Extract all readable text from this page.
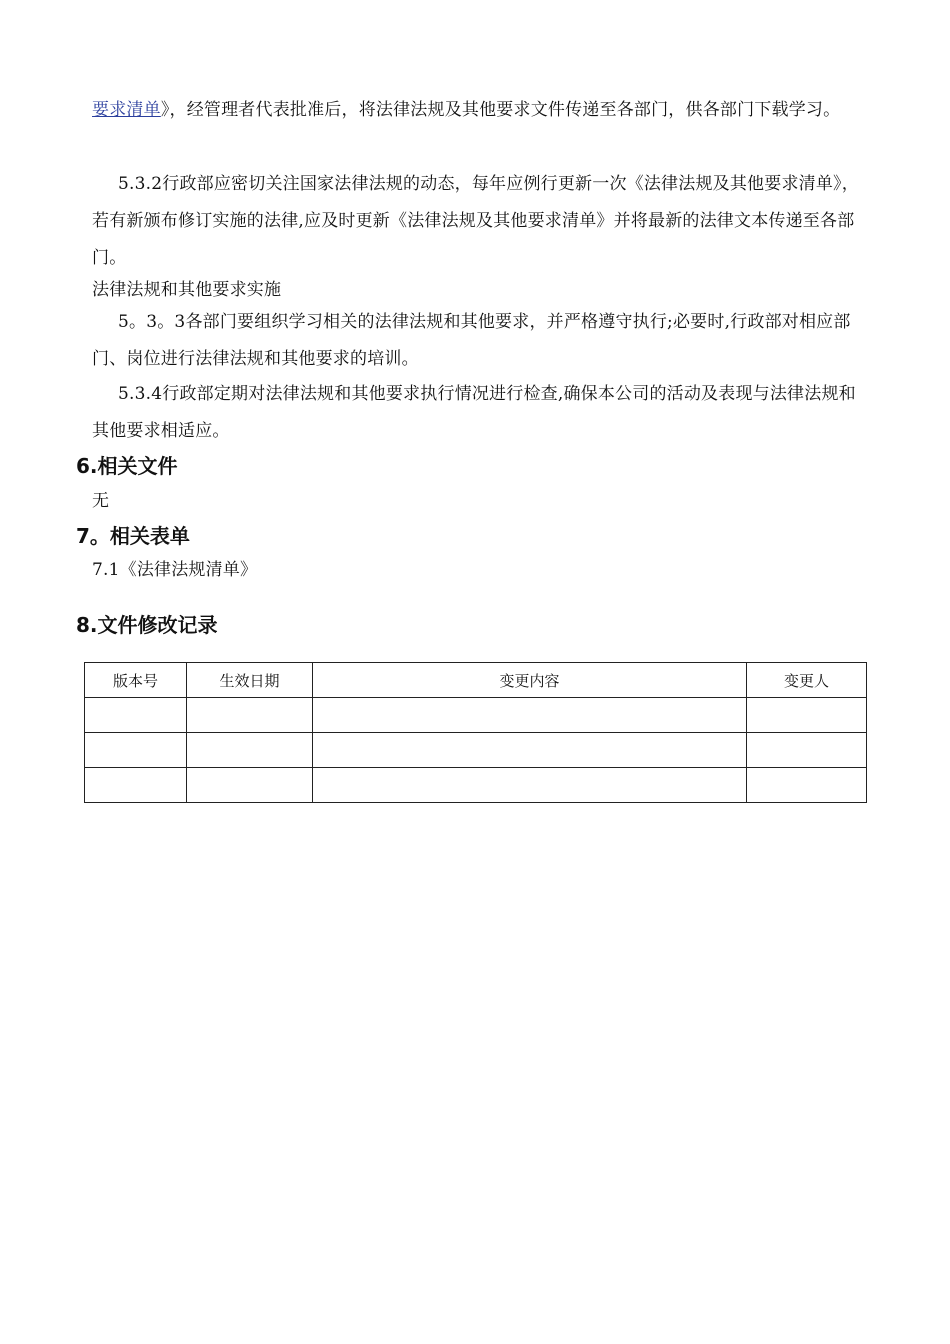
要求清单》，经管理者代表批准后，将法律法规及其他要求文件传递至各部门，供各部门下载学习。

5.3.2行政部应密切关注国家法律法规的动态，每年应例行更新一次《法律法规及其他要求清单》，若有新颁布修订实施的法律,应及时更新《法律法规及其他要求清单》并将最新的法律文本传递至各部门。

法律法规和其他要求实施

5。3。3各部门要组织学习相关的法律法规和其他要求，并严格遵守执行;必要时,行政部对相应部门、岗位进行法律法规和其他要求的培训。

5.3.4行政部定期对法律法规和其他要求执行情况进行检查,确保本公司的活动及表现与法律法规和其他要求相适应。

6.相关文件

无

7。相关表单

7.1《法律法规清单》

8.文件修改记录
版本号	生效日期	变更内容	变更人
